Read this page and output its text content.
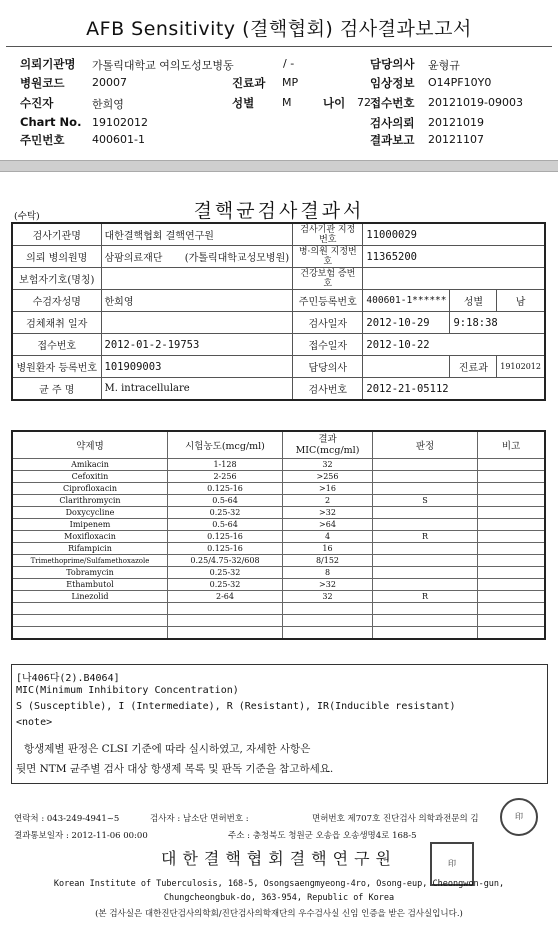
AFB Sensitivity (결핵협회) 검사결과보고서
의뢰기관명 가톨릭대학교 여의도성모병동	/ -
병원코드	20007
수진자	한희영
Chart No. 19102012
주민번호	400601-1
진료과 MP
성별	M	나이 72
담당의사 윤형규
임상정보 O14PF10Y0
접수번호 20121019-09003
검사의뢰 20121019
결과보고 20121107
결핵균검사결과서
(수탁)
검사기관명	대한결핵협회 결핵연구원	검사기관 지정번호	11000029		
의뢰 병의원명	삼팜의료재단 (가톨릭대학교성모병원)	병·의원 지정번호	11365200		
보험자기호(명칭)		건강보험 증번호			
수검자성명	한희영	주민등록번호	400601-1******	성별	남
검체채취 일자		검사일자	2012-10-29	9:18:38	
접수번호	2012-01-2-19753	접수일자	2012-10-22		
병원환자 등록번호	101909003	담당의사		진료과	19102012
균 주 명	M. intracellulare	검사번호	2012-21-05112		
약제명	시험농도(mcg/ml)	결과 MIC(mcg/ml)	판정	비고
Amikacin	1-128	32		
Cefoxitin	2-256	>256		
Ciprofloxacin	0.125-16	>16		
Clarithromycin	0.5-64	2	S	
Doxycycline	0.25-32	>32		
Imipenem	0.5-64	>64		
Moxifloxacin	0.125-16	4	R	
Rifampicin	0.125-16	16		
Trimethoprime/Sulfamethoxazole	0.25/4.75-32/608	8/152		
Tobramycin	0.25-32	8		
Ethambutol	0.25-32	>32		
Linezolid	2-64	32	R	

[나406다(2).B4064]
MIC(Minimum Inhibitory Concentration)
S (Susceptible), I (Intermediate), R (Resistant), IR(Inducible resistant)
<note>
항생제별 판정은 CLSI 기준에 따라 실시하였고, 자세한 사항은
뒷면 NTM 균주별 검사 대상 항생제 목록 및 판독 기준을 참고하세요.
연락처 : 043-249-4941~5	검사자 : 남소단 면허번호 :	면허번호 제707호 진단검사 의학과전문의 김
결과통보일자 : 2012-11-06 00:00	주소 : 충청북도 청원군 오송읍 오송생명4로 168-5
印
印
대한결핵협회결핵연구원
Korean Institute of Tuberculosis, 168-5, Osongsaengmyeong-4ro, Osong-eup, Cheongwon-gun,
Chungcheongbuk-do, 363-954, Republic of Korea
(본 검사실은 대한진단검사의학회/진단검사의학재단의 우수검사실 신임 인증을 받은 검사실입니다.)
